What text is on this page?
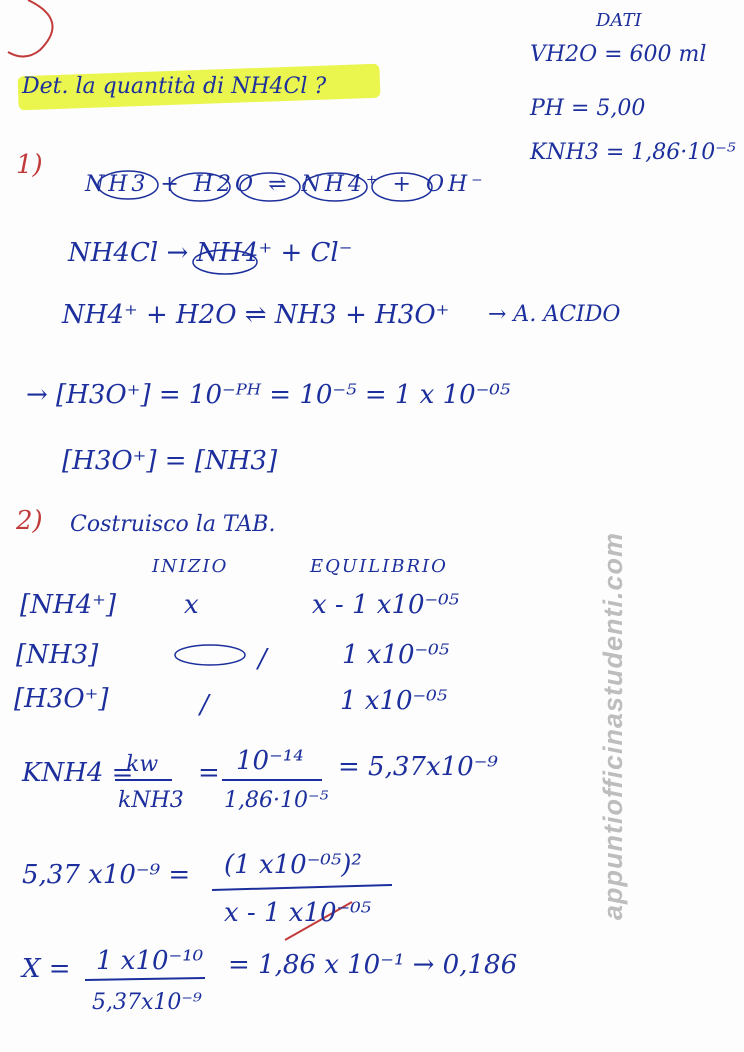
DATI
VH2O = 600 ml
PH = 5,00
KNH3 = 1,86·10⁻⁵
Det. la quantità di NH4Cl ?
1)
NH3 + H2O ⇌ NH4⁺ + OH⁻
NH4Cl → NH4⁺ + Cl⁻
NH4⁺ + H2O ⇌ NH3 + H3O⁺ → A. ACIDO
→ [H3O⁺] = 10⁻ᴾᴴ = 10⁻⁵ = 1 x 10⁻⁰⁵
[H3O⁺] = [NH3]
2) Costruisco la TAB.
INIZIO	EQUILIBRIO
[NH4⁺]	x	x - 1 x10⁻⁰⁵
[NH3]	/	1 x10⁻⁰⁵
[H3O⁺]	/	1 x10⁻⁰⁵
KNH4 =
kw
kNH3
= 10⁻¹⁴
1,86·10⁻⁵
= 5,37x10⁻⁹
5,37 x10⁻⁹ = (1 x10⁻⁰⁵)²
x - 1 x10⁻⁰⁵
X = 1 x10⁻¹⁰
5,37x10⁻⁹
= 1,86 x 10⁻¹ → 0,186
appuntiofficinastudenti.com
